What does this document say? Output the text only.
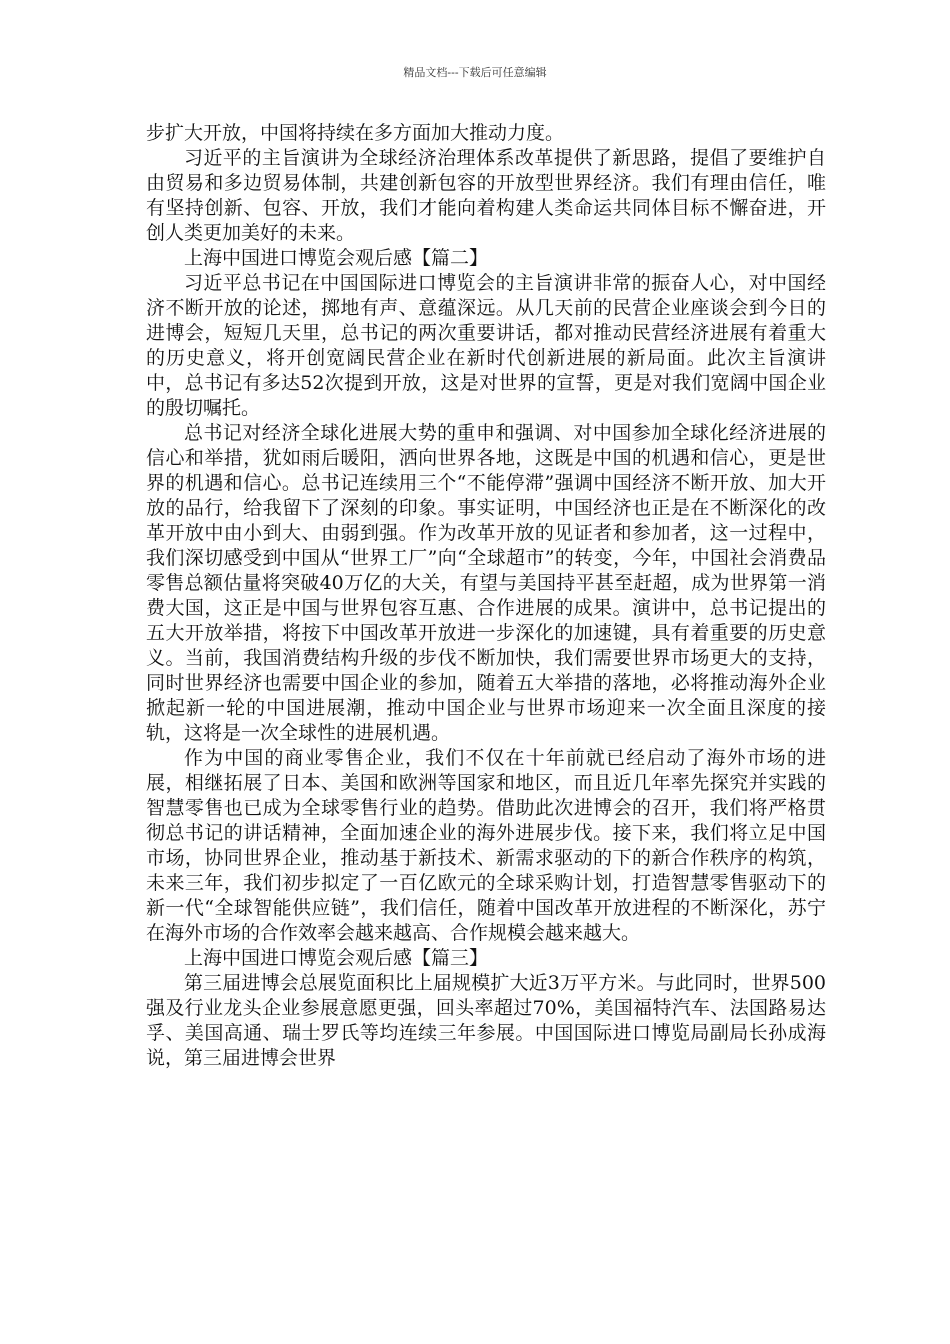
精品文档---下载后可任意编辑

步扩大开放，中国将持续在多方面加大推动力度。

习近平的主旨演讲为全球经济治理体系改革提供了新思路，提倡了要维护自由贸易和多边贸易体制，共建创新包容的开放型世界经济。我们有理由信任，唯有坚持创新、包容、开放，我们才能向着构建人类命运共同体目标不懈奋进，开创人类更加美好的未来。

上海中国进口博览会观后感【篇二】

习近平总书记在中国国际进口博览会的主旨演讲非常的振奋人心，对中国经济不断开放的论述，掷地有声、意蕴深远。从几天前的民营企业座谈会到今日的进博会，短短几天里，总书记的两次重要讲话，都对推动民营经济进展有着重大的历史意义，将开创宽阔民营企业在新时代创新进展的新局面。此次主旨演讲中，总书记有多达52次提到开放，这是对世界的宣誓，更是对我们宽阔中国企业的殷切嘱托。

总书记对经济全球化进展大势的重申和强调、对中国参加全球化经济进展的信心和举措，犹如雨后暖阳，洒向世界各地，这既是中国的机遇和信心，更是世界的机遇和信心。总书记连续用三个“不能停滞”强调中国经济不断开放、加大开放的品行，给我留下了深刻的印象。事实证明，中国经济也正是在不断深化的改革开放中由小到大、由弱到强。作为改革开放的见证者和参加者，这一过程中，我们深切感受到中国从“世界工厂”向“全球超市”的转变，今年，中国社会消费品零售总额估量将突破40万亿的大关，有望与美国持平甚至赶超，成为世界第一消费大国，这正是中国与世界包容互惠、合作进展的成果。演讲中，总书记提出的五大开放举措，将按下中国改革开放进一步深化的加速键，具有着重要的历史意义。当前，我国消费结构升级的步伐不断加快，我们需要世界市场更大的支持，同时世界经济也需要中国企业的参加，随着五大举措的落地，必将推动海外企业掀起新一轮的中国进展潮，推动中国企业与世界市场迎来一次全面且深度的接轨，这将是一次全球性的进展机遇。

作为中国的商业零售企业，我们不仅在十年前就已经启动了海外市场的进展，相继拓展了日本、美国和欧洲等国家和地区，而且近几年率先探究并实践的智慧零售也已成为全球零售行业的趋势。借助此次进博会的召开，我们将严格贯彻总书记的讲话精神，全面加速企业的海外进展步伐。接下来，我们将立足中国市场，协同世界企业，推动基于新技术、新需求驱动的下的新合作秩序的构筑，未来三年，我们初步拟定了一百亿欧元的全球采购计划，打造智慧零售驱动下的新一代“全球智能供应链”，我们信任，随着中国改革开放进程的不断深化，苏宁在海外市场的合作效率会越来越高、合作规模会越来越大。

上海中国进口博览会观后感【篇三】

第三届进博会总展览面积比上届规模扩大近3万平方米。与此同时，世界500强及行业龙头企业参展意愿更强，回头率超过70%，美国福特汽车、法国路易达孚、美国高通、瑞士罗氏等均连续三年参展。中国国际进口博览局副局长孙成海说，第三届进博会世界
